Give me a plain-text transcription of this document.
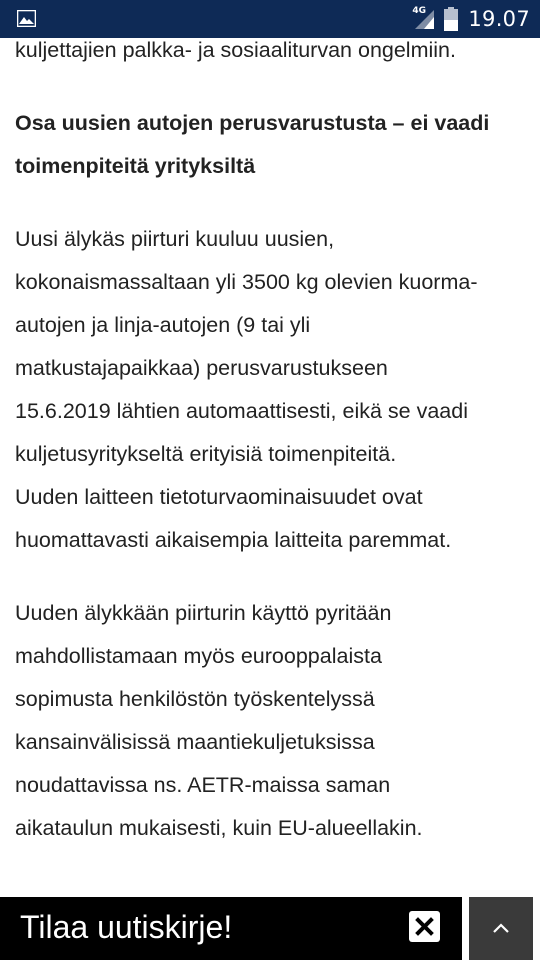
4G 19.07

kuljettajien palkka- ja sosiaaliturvan ongelmiin.

Osa uusien autojen perusvarustusta – ei vaadi
toimenpiteitä yrityksiltä

Uusi älykäs piirturi kuuluu uusien,
kokonaismassaltaan yli 3500 kg olevien kuorma-
autojen ja linja-autojen (9 tai yli
matkustajapaikkaa) perusvarustukseen
15.6.2019 lähtien automaattisesti, eikä se vaadi
kuljetusyritykseltä erityisiä toimenpiteitä.
Uuden laitteen tietoturvaominaisuudet ovat
huomattavasti aikaisempia laitteita paremmat.

Uuden älykkään piirturin käyttö pyritään
mahdollistamaan myös eurooppalaista
sopimusta henkilöstön työskentelyssä
kansainvälisissä maantiekuljetuksissa
noudattavissa ns. AETR-maissa saman
aikataulun mukaisesti, kuin EU-alueellakin.

Tilaa uutiskirje!
